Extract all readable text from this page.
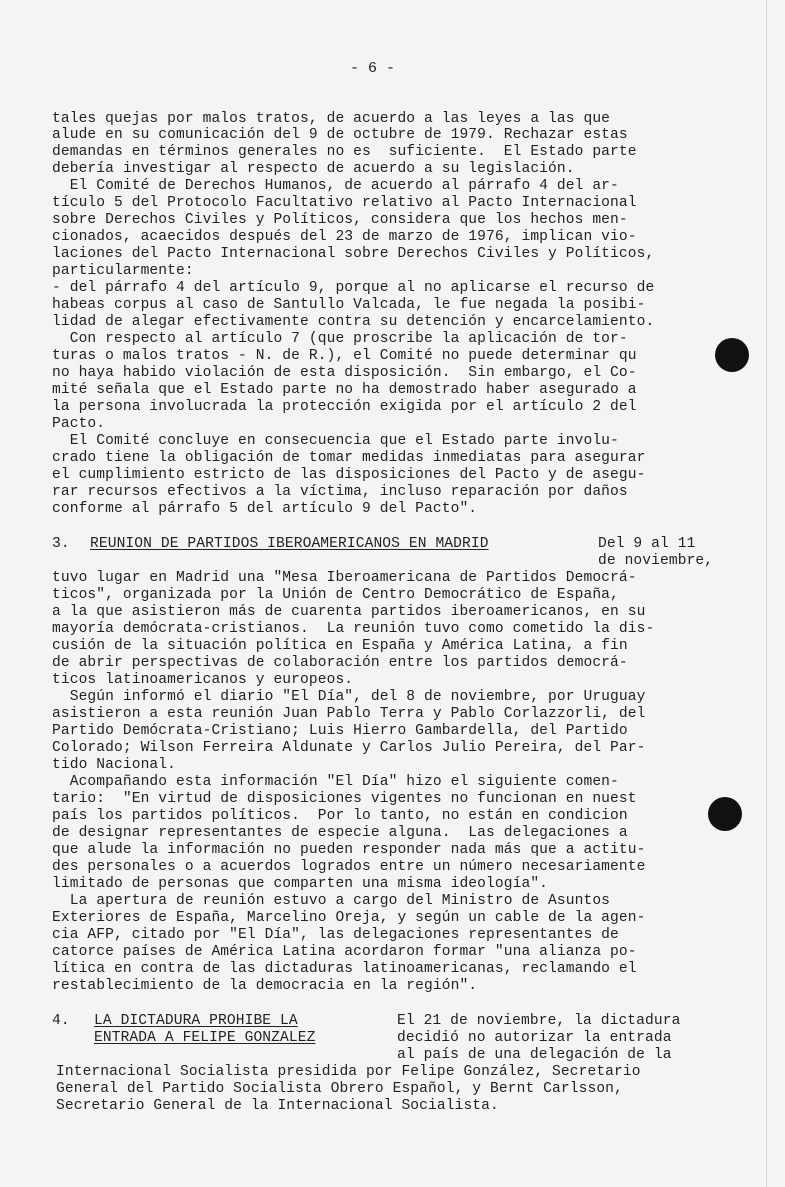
- 6 -
tales quejas por malos tratos, de acuerdo a las leyes a las que
alude en su comunicación del 9 de octubre de 1979. Rechazar estas
demandas en términos generales no es  suficiente.  El Estado parte
debería investigar al respecto de acuerdo a su legislación.
El Comité de Derechos Humanos, de acuerdo al párrafo 4 del ar-
tículo 5 del Protocolo Facultativo relativo al Pacto Internacional
sobre Derechos Civiles y Políticos, considera que los hechos men-
cionados, acaecidos después del 23 de marzo de 1976, implican vio-
laciones del Pacto Internacional sobre Derechos Civiles y Políticos,
particularmente:
- del párrafo 4 del artículo 9, porque al no aplicarse el recurso de
habeas corpus al caso de Santullo Valcada, le fue negada la posibi-
lidad de alegar efectivamente contra su detención y encarcelamiento.
Con respecto al artículo 7 (que proscribe la aplicación de tor-
turas o malos tratos - N. de R.), el Comité no puede determinar qu
no haya habido violación de esta disposición.  Sin embargo, el Co-
mité señala que el Estado parte no ha demostrado haber asegurado a
la persona involucrada la protección exigida por el artículo 2 del
Pacto.
El Comité concluye en consecuencia que el Estado parte involu-
crado tiene la obligación de tomar medidas inmediatas para asegurar
el cumplimiento estricto de las disposiciones del Pacto y de asegu-
rar recursos efectivos a la víctima, incluso reparación por daños
conforme al párrafo 5 del artículo 9 del Pacto".
3. REUNION DE PARTIDOS IBEROAMERICANOS EN MADRID	Del 9 al 11
de noviembre,
tuvo lugar en Madrid una "Mesa Iberoamericana de Partidos Democrá-
ticos", organizada por la Unión de Centro Democrático de España,
a la que asistieron más de cuarenta partidos iberoamericanos, en su
mayoría demócrata-cristianos.  La reunión tuvo como cometido la dis-
cusión de la situación política en España y América Latina, a fin
de abrir perspectivas de colaboración entre los partidos democrá-
ticos latinoamericanos y europeos.
Según informó el diario "El Día", del 8 de noviembre, por Uruguay
asistieron a esta reunión Juan Pablo Terra y Pablo Corlazzorli, del
Partido Demócrata-Cristiano; Luis Hierro Gambardella, del Partido
Colorado; Wilson Ferreira Aldunate y Carlos Julio Pereira, del Par-
tido Nacional.
Acompañando esta información "El Día" hizo el siguiente comen-
tario:  "En virtud de disposiciones vigentes no funcionan en nuest
país los partidos políticos.  Por lo tanto, no están en condicion
de designar representantes de especie alguna.  Las delegaciones a
que alude la información no pueden responder nada más que a actitu-
des personales o a acuerdos logrados entre un número necesariamente
limitado de personas que comparten una misma ideología".
La apertura de reunión estuvo a cargo del Ministro de Asuntos
Exteriores de España, Marcelino Oreja, y según un cable de la agen-
cia AFP, citado por "El Día", las delegaciones representantes de
catorce países de América Latina acordaron formar "una alianza po-
lítica en contra de las dictaduras latinoamericanas, reclamando el
restablecimiento de la democracia en la región".
4. LA DICTADURA PROHIBE LA
ENTRADA A FELIPE GONZALEZ
El 21 de noviembre, la dictadura
decidió no autorizar la entrada
al país de una delegación de la
Internacional Socialista presidida por Felipe González, Secretario
General del Partido Socialista Obrero Español, y Bernt Carlsson,
Secretario General de la Internacional Socialista.
